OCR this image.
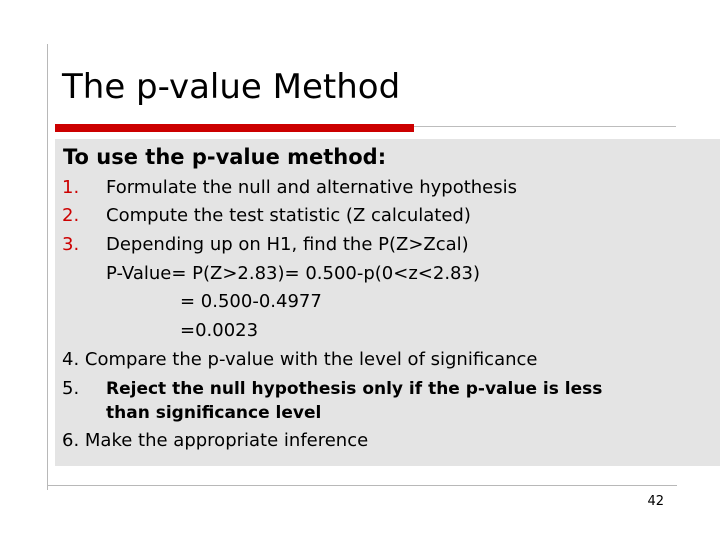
The p-value Method
To use the p-value method:
1. Formulate the null and alternative hypothesis
2. Compute the test statistic (Z calculated)
3. Depending up on H1, find the P(Z>Zcal)
P-Value= P(Z>2.83)= 0.500-p(0<z<2.83)
= 0.500-0.4977
=0.0023
4. Compare the p-value with the level of significance
5. Reject the null hypothesis only if the p-value is less
than significance level
6. Make the appropriate inference
42
